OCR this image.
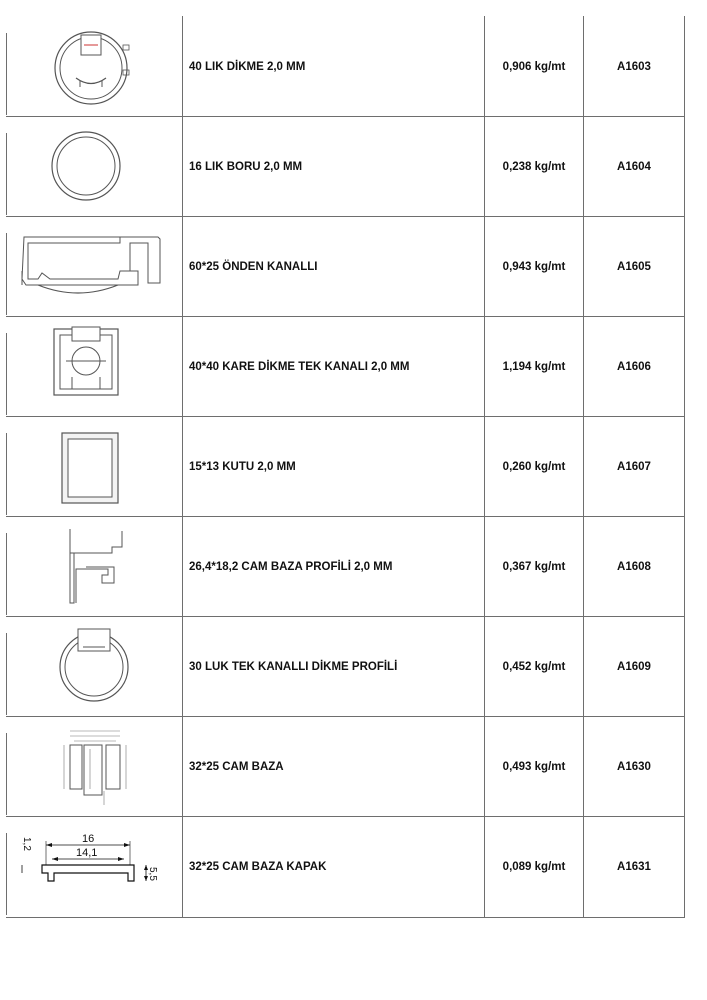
40 LIK DİKME 2,0 MM	0,906 kg/mt	A1603
16 LIK BORU 2,0 MM	0,238 kg/mt	A1604
60*25 ÖNDEN KANALLI	0,943 kg/mt	A1605
40*40 KARE DİKME TEK KANALI 2,0 MM	1,194 kg/mt	A1606
15*13 KUTU 2,0 MM	0,260 kg/mt	A1607
26,4*18,2 CAM BAZA PROFİLİ 2,0 MM	0,367 kg/mt	A1608
30 LUK TEK KANALLI DİKME PROFİLİ	0,452 kg/mt	A1609
32*25 CAM BAZA	0,493 kg/mt	A1630
16
14,1
5,5
1,2
32*25 CAM BAZA KAPAK	0,089 kg/mt	A1631
